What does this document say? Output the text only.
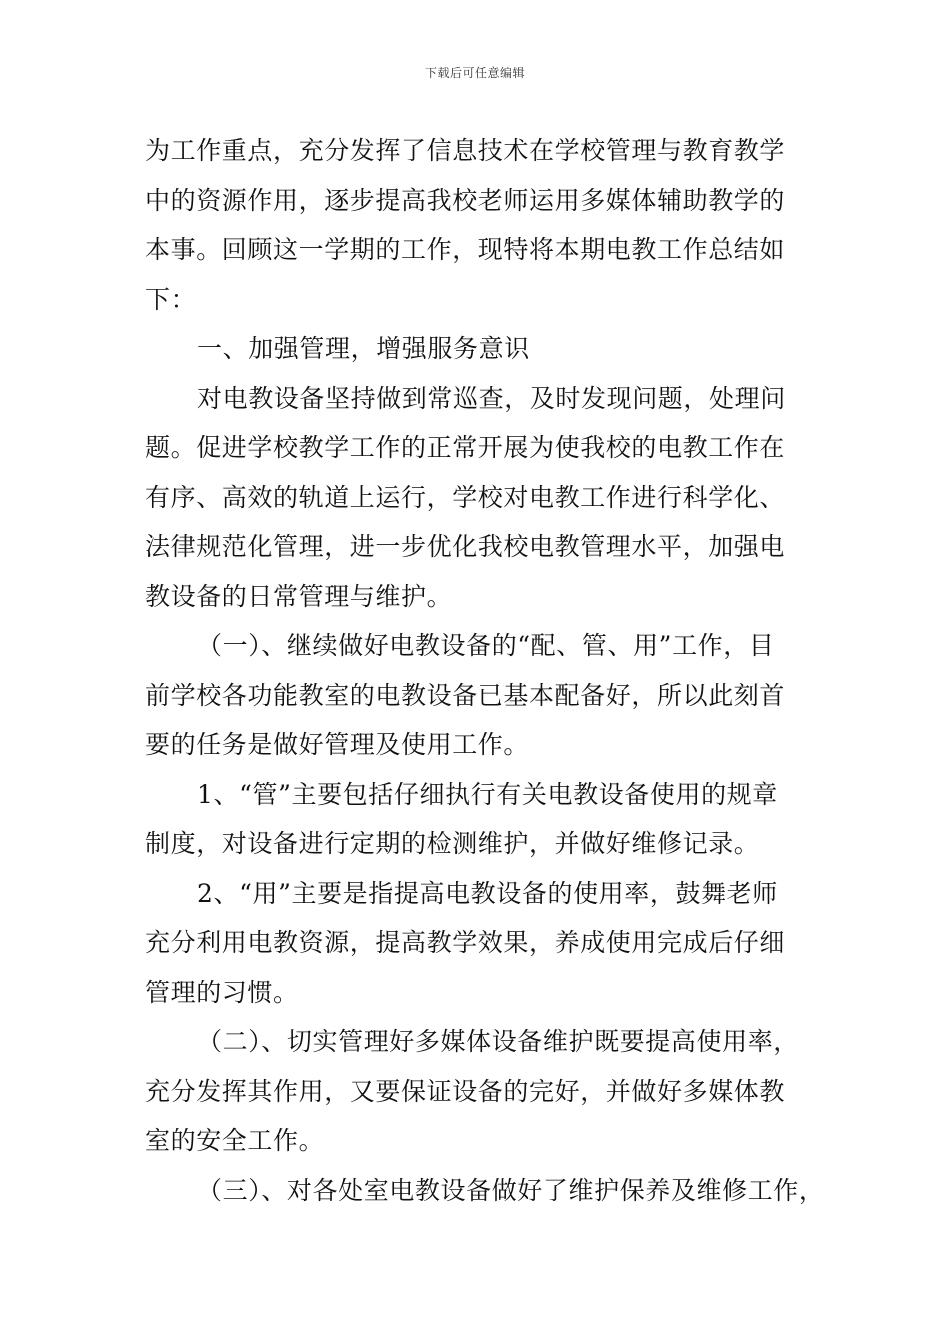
下载后可任意编辑
为工作重点，充分发挥了信息技术在学校管理与教育教学
中的资源作用，逐步提高我校老师运用多媒体辅助教学的
本事。回顾这一学期的工作，现特将本期电教工作总结如
下：
一、加强管理，增强服务意识
对电教设备坚持做到常巡查，及时发现问题，处理问
题。促进学校教学工作的正常开展为使我校的电教工作在
有序、高效的轨道上运行，学校对电教工作进行科学化、
法律规范化管理，进一步优化我校电教管理水平，加强电
教设备的日常管理与维护。
（一）、继续做好电教设备的“配、管、用”工作，目
前学校各功能教室的电教设备已基本配备好，所以此刻首
要的任务是做好管理及使用工作。
1、“管”主要包括仔细执行有关电教设备使用的规章
制度，对设备进行定期的检测维护，并做好维修记录。
2、“用”主要是指提高电教设备的使用率，鼓舞老师
充分利用电教资源，提高教学效果，养成使用完成后仔细
管理的习惯。
（二）、切实管理好多媒体设备维护既要提高使用率，
充分发挥其作用，又要保证设备的完好，并做好多媒体教
室的安全工作。
（三）、对各处室电教设备做好了维护保养及维修工作，
